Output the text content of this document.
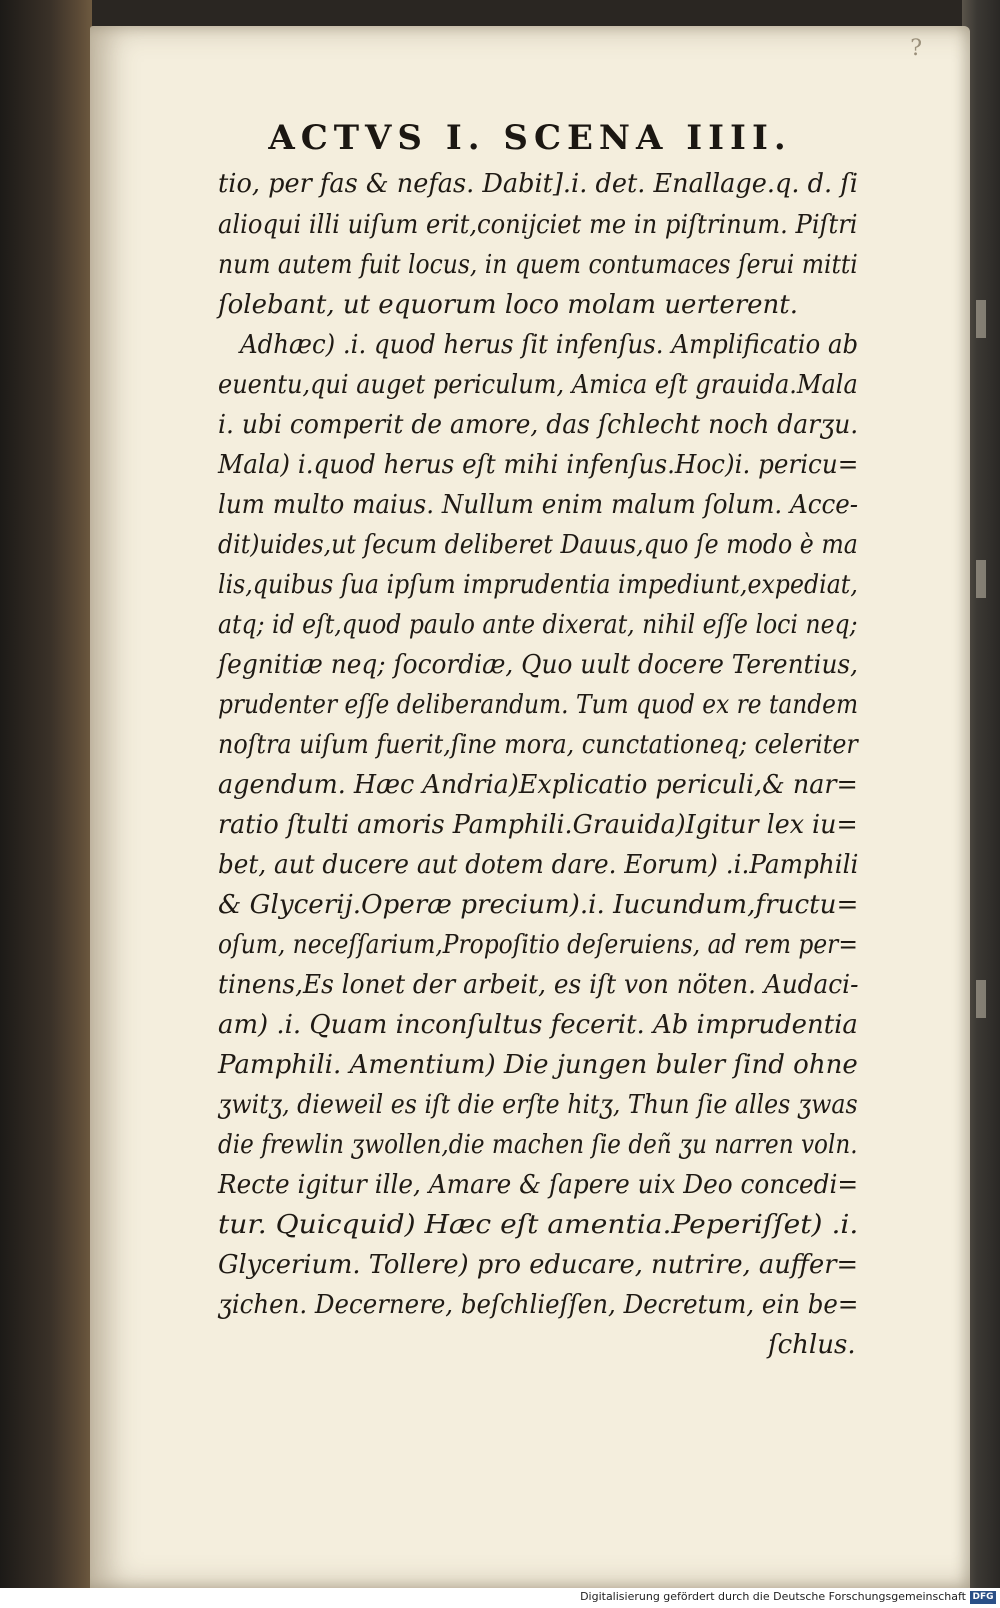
?
ACTVS I. SCENA IIII.
tio, per fas & nefas. Dabit].i. det. Enallage.q. d. ſi
alioqui illi uiſum erit,conijciet me in piſtrinum. Piſtri
num autem fuit locus, in quem contumaces ſerui mitti
ſolebant, ut equorum loco molam uerterent.
Adhæc) .i. quod herus ſit infenſus. Amplificatio ab
euentu,qui auget periculum, Amica eſt grauida.Mala
i. ubi comperit de amore, das ſchlecht noch darʒu.
Mala) i.quod herus eſt mihi infenſus.Hoc)i. pericu=
lum multo maius. Nullum enim malum ſolum. Acce-
dit)uides,ut ſecum deliberet Dauus,quo ſe modo è ma
lis,quibus ſua ipſum imprudentia impediunt,expediat,
atq; id eſt,quod paulo ante dixerat, nihil eſſe loci neq;
ſegnitiæ neq; ſocordiæ, Quo uult docere Terentius,
prudenter eſſe deliberandum. Tum quod ex re tandem
noſtra uiſum fuerit,ſine mora, cunctationeq; celeriter
agendum. Hæc Andria)Explicatio periculi,& nar=
ratio ſtulti amoris Pamphili.Grauida)Igitur lex iu=
bet, aut ducere aut dotem dare. Eorum) .i.Pamphili
& Glycerij.Operæ precium).i. Iucundum,fructu=
oſum, neceſſarium,Propoſitio deſeruiens, ad rem per=
tinens,Es lonet der arbeit, es iſt von nöten. Audaci-
am) .i. Quam inconſultus fecerit. Ab imprudentia
Pamphili. Amentium) Die jungen buler ſind ohne
ʒwitʒ, dieweil es iſt die erſte hitʒ, Thun ſie alles ʒwas
die frewlin ʒwollen,die machen ſie deñ ʒu narren voln.
Recte igitur ille, Amare & ſapere uix Deo concedi=
tur. Quicquid) Hæc eſt amentia.Peperiſſet) .i.
Glycerium. Tollere) pro educare, nutrire, auffer=
ʒichen. Decernere, beſchlieſſen, Decretum, ein be=
ſchlus.
Digitalisierung gefördert durch die Deutsche Forschungsgemeinschaft DFG
